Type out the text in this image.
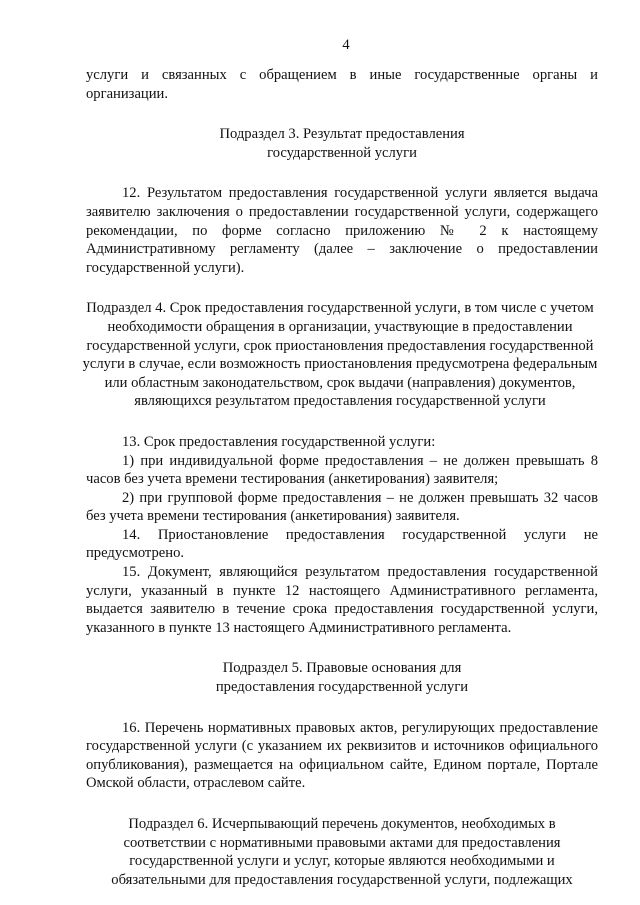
4

услуги и связанных с обращением в иные государственные органы и организации.

Подраздел 3. Результат предоставления государственной услуги

12. Результатом предоставления государственной услуги является выдача заявителю заключения о предоставлении государственной услуги, содержащего рекомендации, по форме согласно приложению № 2 к настоящему Административному регламенту (далее – заключение о предоставлении государственной услуги).

Подраздел 4. Срок предоставления государственной услуги, в том числе с учетом необходимости обращения в организации, участвующие в предоставлении государственной услуги, срок приостановления предоставления государственной услуги в случае, если возможность приостановления предусмотрена федеральным или областным законодательством, срок выдачи (направления) документов, являющихся результатом предоставления государственной услуги

13. Срок предоставления государственной услуги:

1) при индивидуальной форме предоставления – не должен превышать 8 часов без учета времени тестирования (анкетирования) заявителя;

2) при групповой форме предоставления – не должен превышать 32 часов без учета времени тестирования (анкетирования) заявителя.

14. Приостановление предоставления государственной услуги не предусмотрено.

15. Документ, являющийся результатом предоставления государственной услуги, указанный в пункте 12 настоящего Административного регламента, выдается заявителю в течение срока предоставления государственной услуги, указанного в пункте 13 настоящего Административного регламента.

Подраздел 5. Правовые основания для предоставления государственной услуги

16. Перечень нормативных правовых актов, регулирующих предоставление государственной услуги (с указанием их реквизитов и источников официального опубликования), размещается на официальном сайте, Едином портале, Портале Омской области, отраслевом сайте.

Подраздел 6. Исчерпывающий перечень документов, необходимых в соответствии с нормативными правовыми актами для предоставления государственной услуги и услуг, которые являются необходимыми и обязательными для предоставления государственной услуги, подлежащих
